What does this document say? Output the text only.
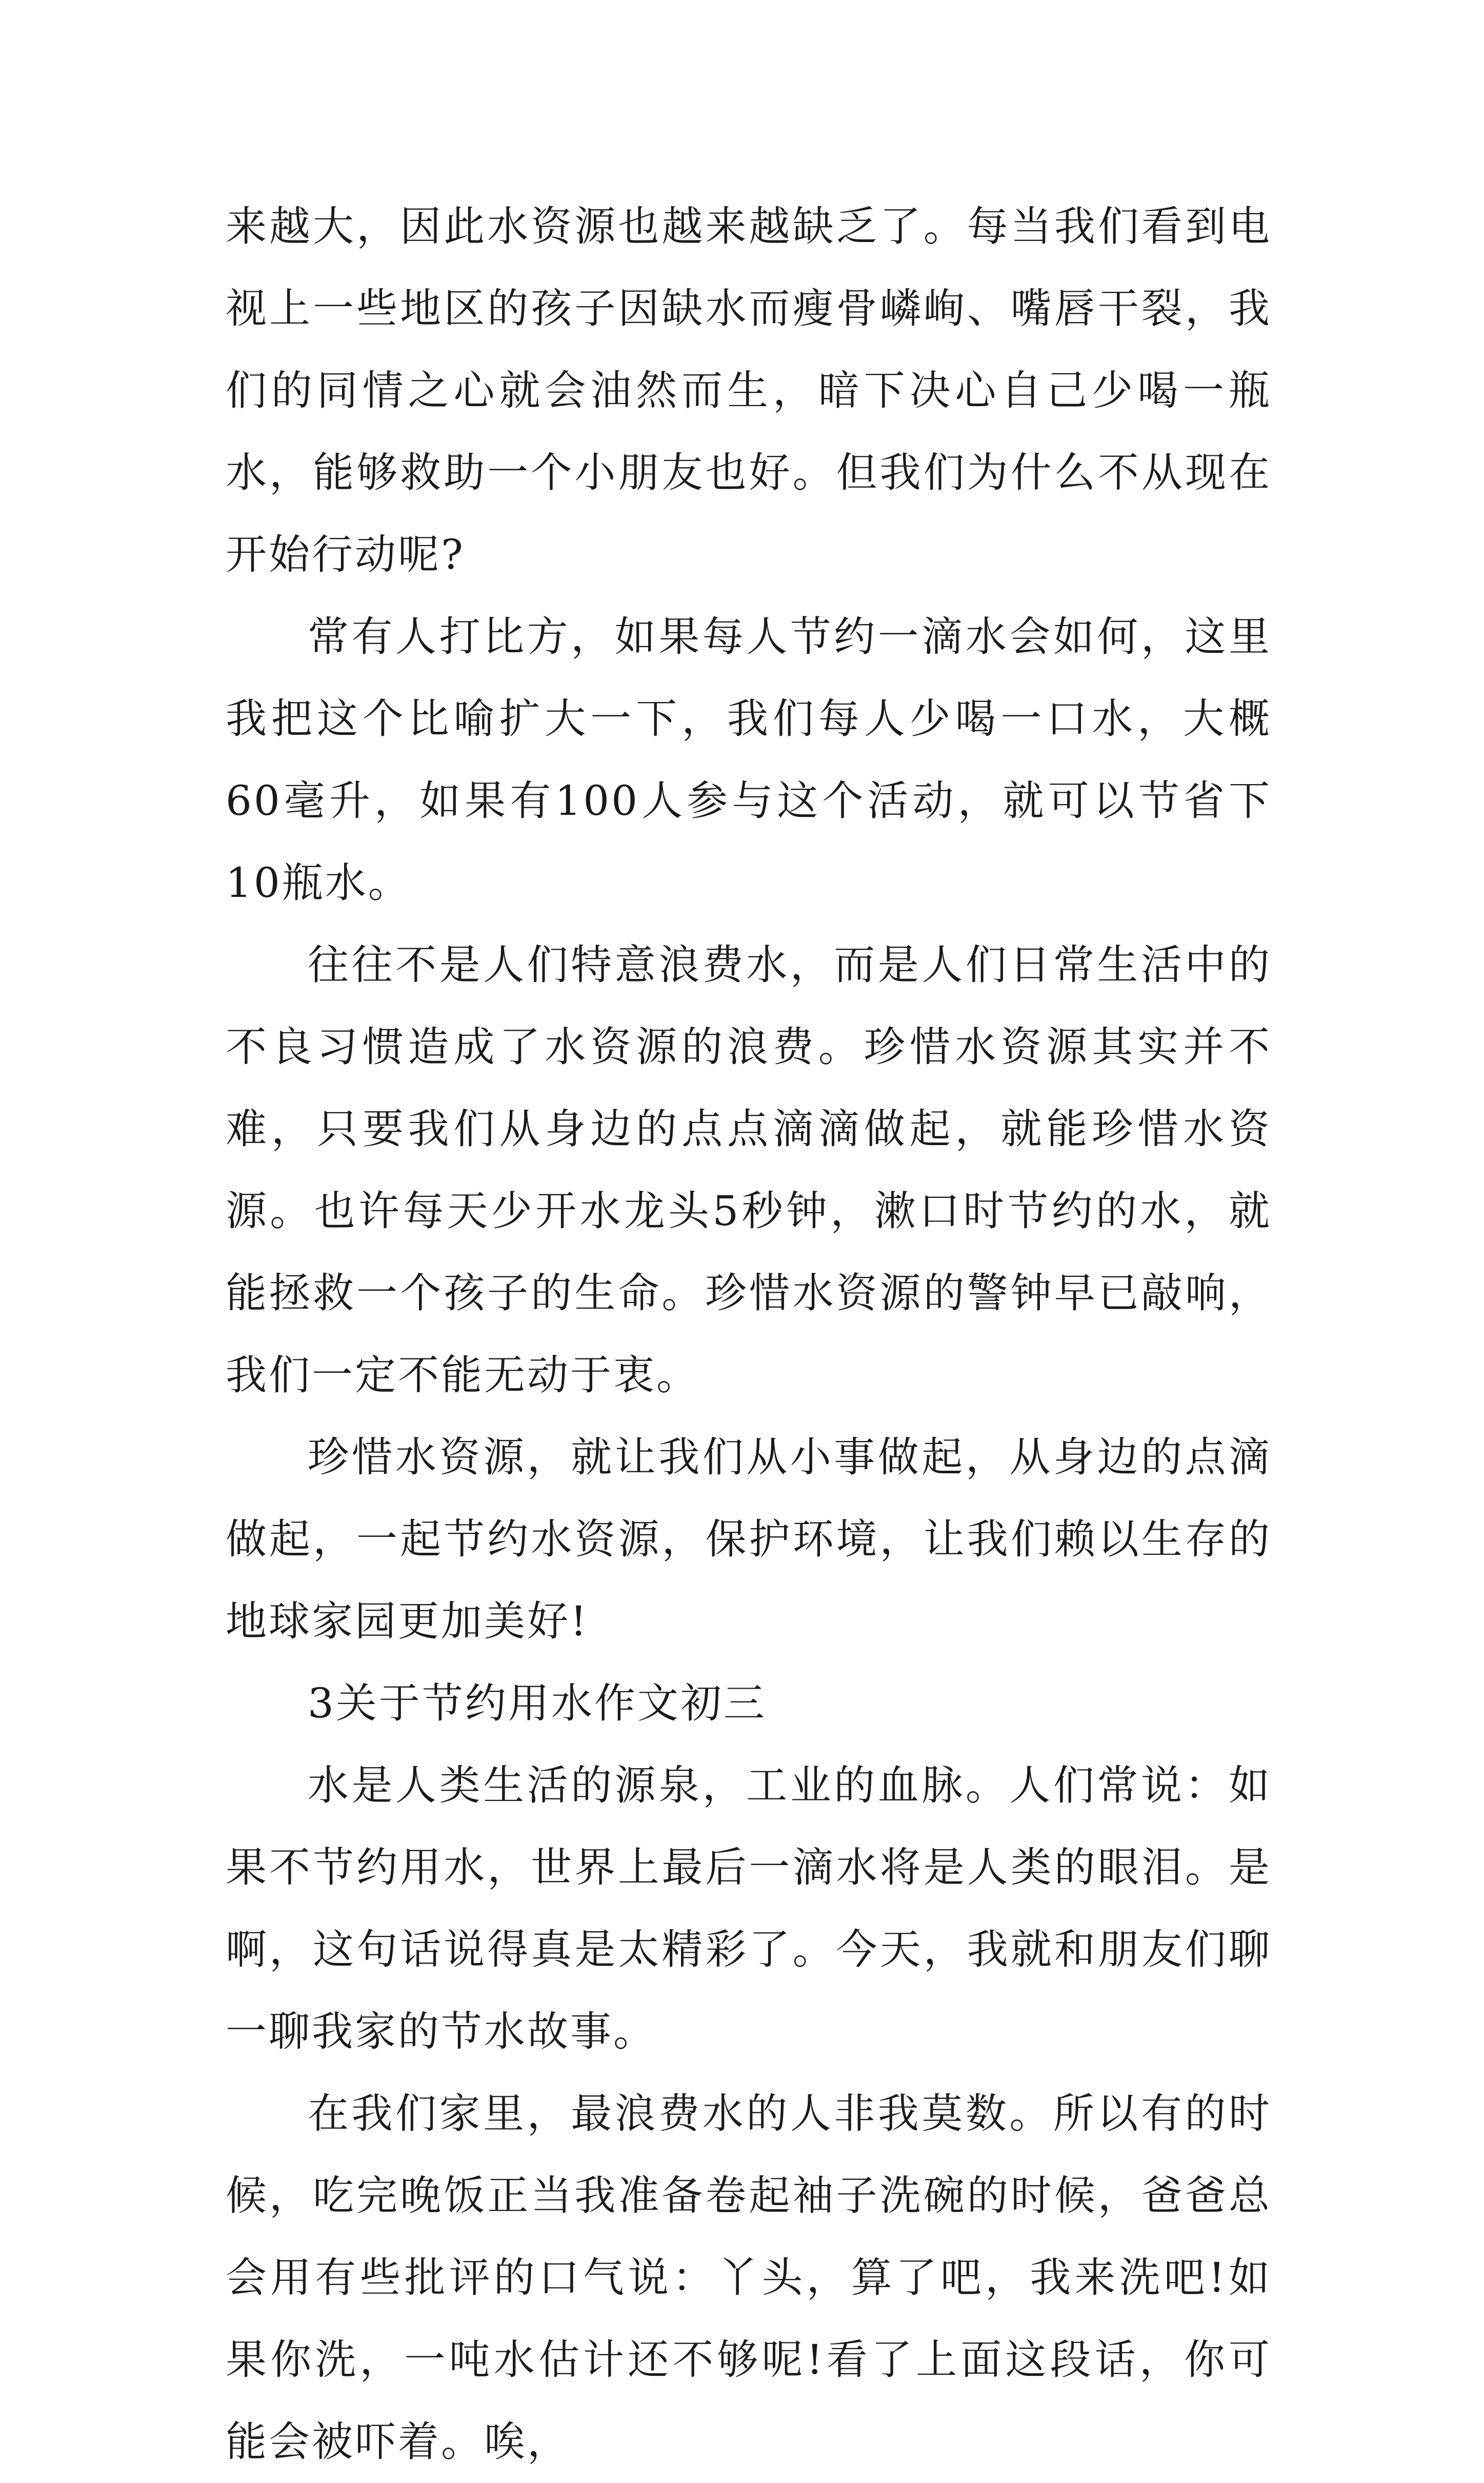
来越大，因此水资源也越来越缺乏了。每当我们看到电视上一些地区的孩子因缺水而瘦骨嶙峋、嘴唇干裂，我们的同情之心就会油然而生，暗下决心自己少喝一瓶水，能够救助一个小朋友也好。但我们为什么不从现在开始行动呢?

常有人打比方，如果每人节约一滴水会如何，这里我把这个比喻扩大一下，我们每人少喝一口水，大概60毫升，如果有100人参与这个活动，就可以节省下10瓶水。

往往不是人们特意浪费水，而是人们日常生活中的不良习惯造成了水资源的浪费。珍惜水资源其实并不难，只要我们从身边的点点滴滴做起，就能珍惜水资源。也许每天少开水龙头5秒钟，漱口时节约的水，就能拯救一个孩子的生命。珍惜水资源的警钟早已敲响，我们一定不能无动于衷。

珍惜水资源，就让我们从小事做起，从身边的点滴做起，一起节约水资源，保护环境，让我们赖以生存的地球家园更加美好!

3关于节约用水作文初三

水是人类生活的源泉，工业的血脉。人们常说：如果不节约用水，世界上最后一滴水将是人类的眼泪。是啊，这句话说得真是太精彩了。今天，我就和朋友们聊一聊我家的节水故事。

在我们家里，最浪费水的人非我莫数。所以有的时候，吃完晚饭正当我准备卷起袖子洗碗的时候，爸爸总会用有些批评的口气说：丫头，算了吧，我来洗吧!如果你洗，一吨水估计还不够呢!看了上面这段话，你可能会被吓着。唉，
